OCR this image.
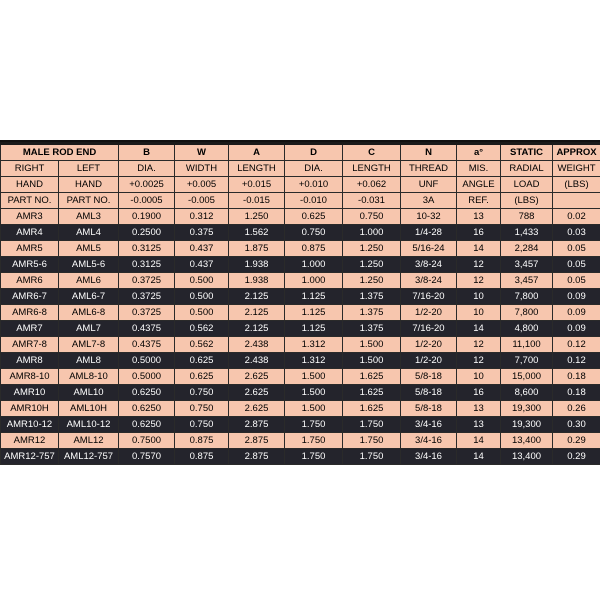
MALE ROD END		B	W	A	D	C	N	a°	STATIC	APPROX
RIGHT	LEFT	DIA.	WIDTH	LENGTH	DIA.	LENGTH	THREAD	MIS.	RADIAL	WEIGHT
HAND	HAND	+0.0025	+0.005	+0.015	+0.010	+0.062	UNF	ANGLE	LOAD	(LBS)
PART NO.	PART NO.	-0.0005	-0.005	-0.015	-0.010	-0.031	3A	REF.	(LBS)	
AMR3	AML3	0.1900	0.312	1.250	0.625	0.750	10-32	13	788	0.02
AMR4	AML4	0.2500	0.375	1.562	0.750	1.000	1/4-28	16	1,433	0.03
AMR5	AML5	0.3125	0.437	1.875	0.875	1.250	5/16-24	14	2,284	0.05
AMR5-6	AML5-6	0.3125	0.437	1.938	1.000	1.250	3/8-24	12	3,457	0.05
AMR6	AML6	0.3725	0.500	1.938	1.000	1.250	3/8-24	12	3,457	0.05
AMR6-7	AML6-7	0.3725	0.500	2.125	1.125	1.375	7/16-20	10	7,800	0.09
AMR6-8	AML6-8	0.3725	0.500	2.125	1.125	1.375	1/2-20	10	7,800	0.09
AMR7	AML7	0.4375	0.562	2.125	1.125	1.375	7/16-20	14	4,800	0.09
AMR7-8	AML7-8	0.4375	0.562	2.438	1.312	1.500	1/2-20	12	11,100	0.12
AMR8	AML8	0.5000	0.625	2.438	1.312	1.500	1/2-20	12	7,700	0.12
AMR8-10	AML8-10	0.5000	0.625	2.625	1.500	1.625	5/8-18	10	15,000	0.18
AMR10	AML10	0.6250	0.750	2.625	1.500	1.625	5/8-18	16	8,600	0.18
AMR10H	AML10H	0.6250	0.750	2.625	1.500	1.625	5/8-18	13	19,300	0.26
AMR10-12	AML10-12	0.6250	0.750	2.875	1.750	1.750	3/4-16	13	19,300	0.30
AMR12	AML12	0.7500	0.875	2.875	1.750	1.750	3/4-16	14	13,400	0.29
AMR12-757	AML12-757	0.7570	0.875	2.875	1.750	1.750	3/4-16	14	13,400	0.29
